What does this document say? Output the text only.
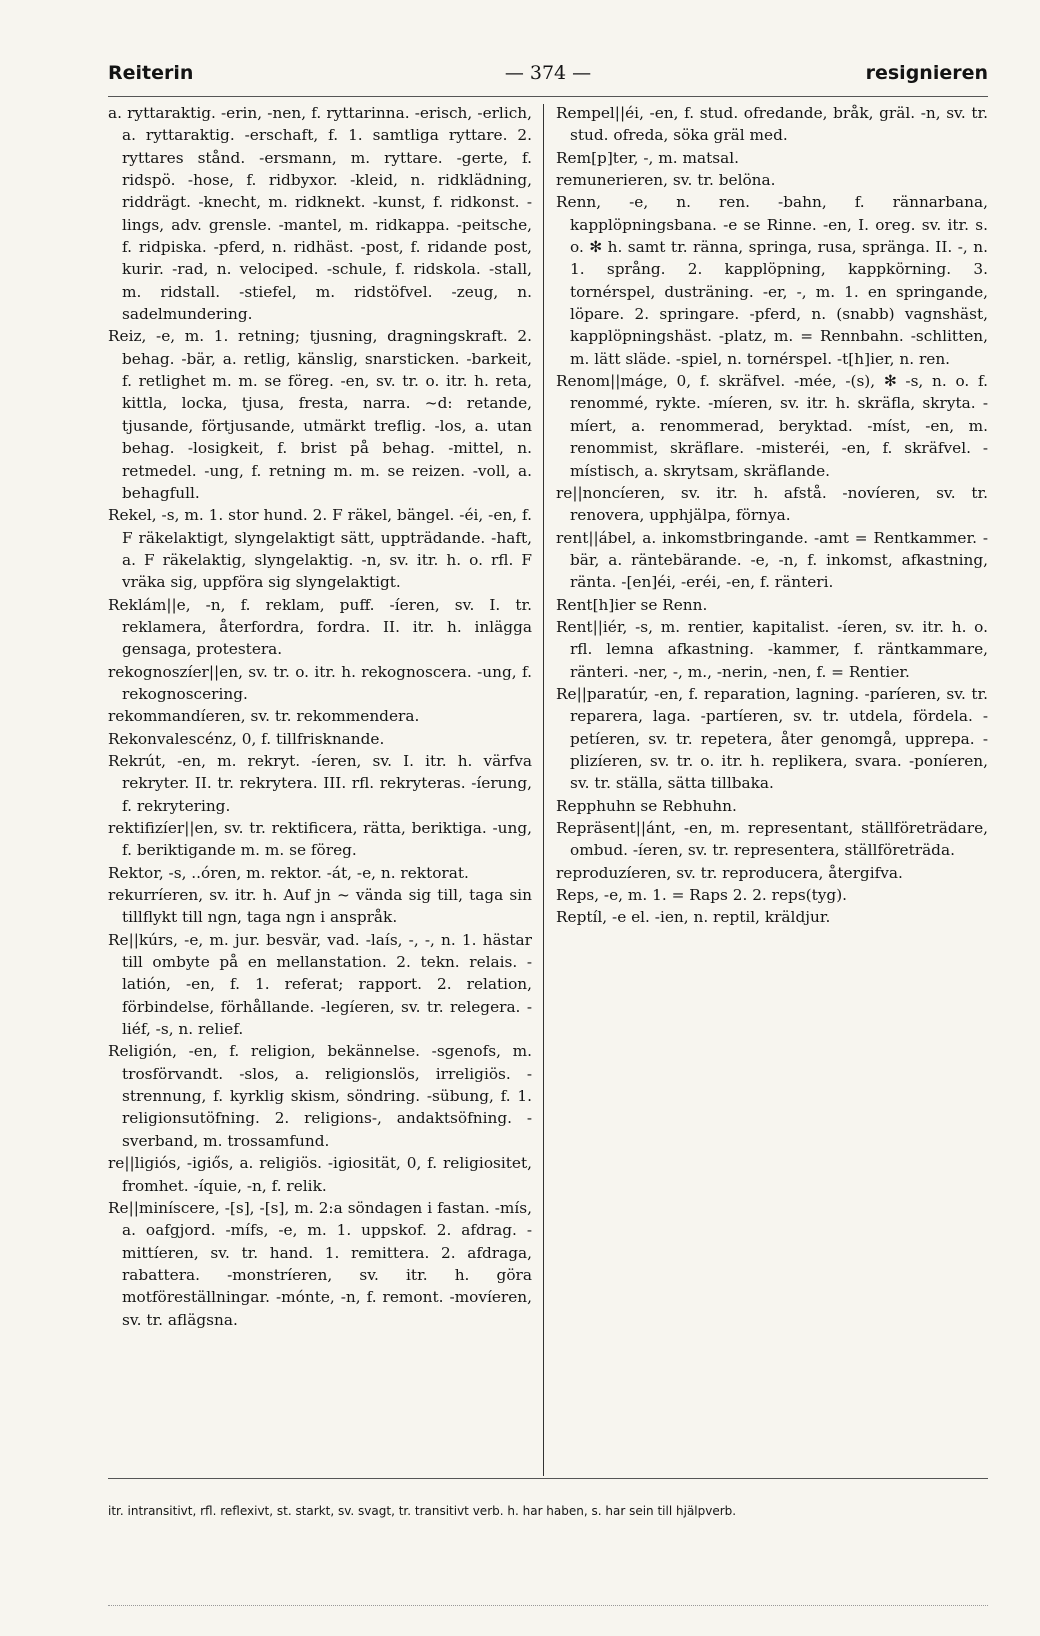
Reiterin	— 374 —	resignieren

a. ryttaraktig. -erin, -nen, f. ryttarinna. -erisch, -erlich, a. ryttaraktig. -erschaft, f. 1. samtliga ryttare. 2. ryttares stånd. -ersmann, m. ryttare. -gerte, f. ridspö. -hose, f. ridbyxor. -kleid, n. ridklädning, riddrägt. -knecht, m. ridknekt. -kunst, f. ridkonst. -lings, adv. grensle. -mantel, m. ridkappa. -peitsche, f. ridpiska. -pferd, n. ridhäst. -post, f. ridande post, kurir. -rad, n. velociped. -schule, f. ridskola. -stall, m. ridstall. -stiefel, m. ridstöfvel. -zeug, n. sadelmundering.

Reiz, -e, m. 1. retning; tjusning, dragningskraft. 2. behag. -bär, a. retlig, känslig, snarsticken. -barkeit, f. retlighet m. m. se föreg. -en, sv. tr. o. itr. h. reta, kittla, locka, tjusa, fresta, narra. ~d: retande, tjusande, förtjusande, utmärkt treflig. -los, a. utan behag. -losigkeit, f. brist på behag. -mittel, n. retmedel. -ung, f. retning m. m. se reizen. -voll, a. behagfull.

Rekel, -s, m. 1. stor hund. 2. F räkel, bängel. -éi, -en, f. F räkelaktigt, slyngelaktigt sätt, uppträdande. -haft, a. F räkelaktig, slyngelaktig. -n, sv. itr. h. o. rfl. F vräka sig, uppföra sig slyngelaktigt.

Reklám||e, -n, f. reklam, puff. -íeren, sv. I. tr. reklamera, återfordra, fordra. II. itr. h. inlägga gensaga, protestera.

rekognoszíer||en, sv. tr. o. itr. h. rekognoscera. -ung, f. rekognoscering.

rekommandíeren, sv. tr. rekommendera.

Rekonvalescénz, 0, f. tillfrisknande.

Rekrút, -en, m. rekryt. -íeren, sv. I. itr. h. värfva rekryter. II. tr. rekrytera. III. rfl. rekryteras. -íerung, f. rekrytering.

rektifizíer||en, sv. tr. rektificera, rätta, beriktiga. -ung, f. beriktigande m. m. se föreg.

Rektor, -s, ..óren, m. rektor. -át, -e, n. rektorat.

rekurríeren, sv. itr. h. Auf jn ~ vända sig till, taga sin tillflykt till ngn, taga ngn i anspråk.

Re||kúrs, -e, m. jur. besvär, vad. -laís, -, -, n. 1. hästar till ombyte på en mellanstation. 2. tekn. relais. -latión, -en, f. 1. referat; rapport. 2. relation, förbindelse, förhållande. -legíeren, sv. tr. relegera. -liéf, -s, n. relief.

Religión, -en, f. religion, bekännelse. -sgenofs, m. trosförvandt. -slos, a. religionslös, irreligiös. -strennung, f. kyrklig skism, söndring. -sübung, f. 1. religionsutöfning. 2. religions-, andaktsöfning. -sverband, m. trossamfund.

re||ligiós, -igiős, a. religiös. -igiosität, 0, f. religiositet, fromhet. -íquie, -n, f. relik.

Re||miníscere, -[s], -[s], m. 2:a söndagen i fastan. -mís, a. oafgjord. -mífs, -e, m. 1. uppskof. 2. afdrag. -mittíeren, sv. tr. hand. 1. remittera. 2. afdraga, rabattera. -monstríeren, sv. itr. h. göra motföreställningar. -mónte, -n, f. remont. -movíeren, sv. tr. aflägsna.

Rempel||éi, -en, f. stud. ofredande, bråk, gräl. -n, sv. tr. stud. ofreda, söka gräl med.

Rem[p]ter, -, m. matsal.

remunerieren, sv. tr. belöna.

Renn, -e, n. ren. -bahn, f. rännarbana, kapplöpningsbana. -e se Rinne. -en, I. oreg. sv. itr. s. o. ✻ h. samt tr. ränna, springa, rusa, spränga. II. -, n. 1. språng. 2. kapplöpning, kappkörning. 3. tornérspel, dusträning. -er, -, m. 1. en springande, löpare. 2. springare. -pferd, n. (snabb) vagnshäst, kapplöpningshäst. -platz, m. = Rennbahn. -schlitten, m. lätt släde. -spiel, n. tornérspel. -t[h]ier, n. ren.

Renom||máge, 0, f. skräfvel. -mée, -(s), ✻ -s, n. o. f. renommé, rykte. -míeren, sv. itr. h. skräfla, skryta. -míert, a. renommerad, beryktad. -míst, -en, m. renommist, skräflare. -misteréi, -en, f. skräfvel. -místisch, a. skrytsam, skräflande.

re||noncíeren, sv. itr. h. afstå. -novíeren, sv. tr. renovera, upphjälpa, förnya.

rent||ábel, a. inkomstbringande. -amt = Rentkammer. -bär, a. räntebärande. -e, -n, f. inkomst, afkastning, ränta. -[en]éi, -eréi, -en, f. ränteri.

Rent[h]ier se Renn.

Rent||iér, -s, m. rentier, kapitalist. -íeren, sv. itr. h. o. rfl. lemna afkastning. -kammer, f. räntkammare, ränteri. -ner, -, m., -nerin, -nen, f. = Rentier.

Re||paratúr, -en, f. reparation, lagning. -paríeren, sv. tr. reparera, laga. -partíeren, sv. tr. utdela, fördela. -petíeren, sv. tr. repetera, åter genomgå, upprepa. -plizíeren, sv. tr. o. itr. h. replikera, svara. -poníeren, sv. tr. ställa, sätta tillbaka.

Repphuhn se Rebhuhn.

Repräsent||ánt, -en, m. representant, ställföreträdare, ombud. -íeren, sv. tr. representera, ställföreträda.

reproduzíeren, sv. tr. reproducera, återgifva.

Reps, -e, m. 1. = Raps 2. 2. reps(tyg).

Reptíl, -e el. -ien, n. reptil, kräldjur.

itr. intransitivt, rfl. reflexivt, st. starkt, sv. svagt, tr. transitivt verb. h. har haben, s. har sein till hjälpverb.
